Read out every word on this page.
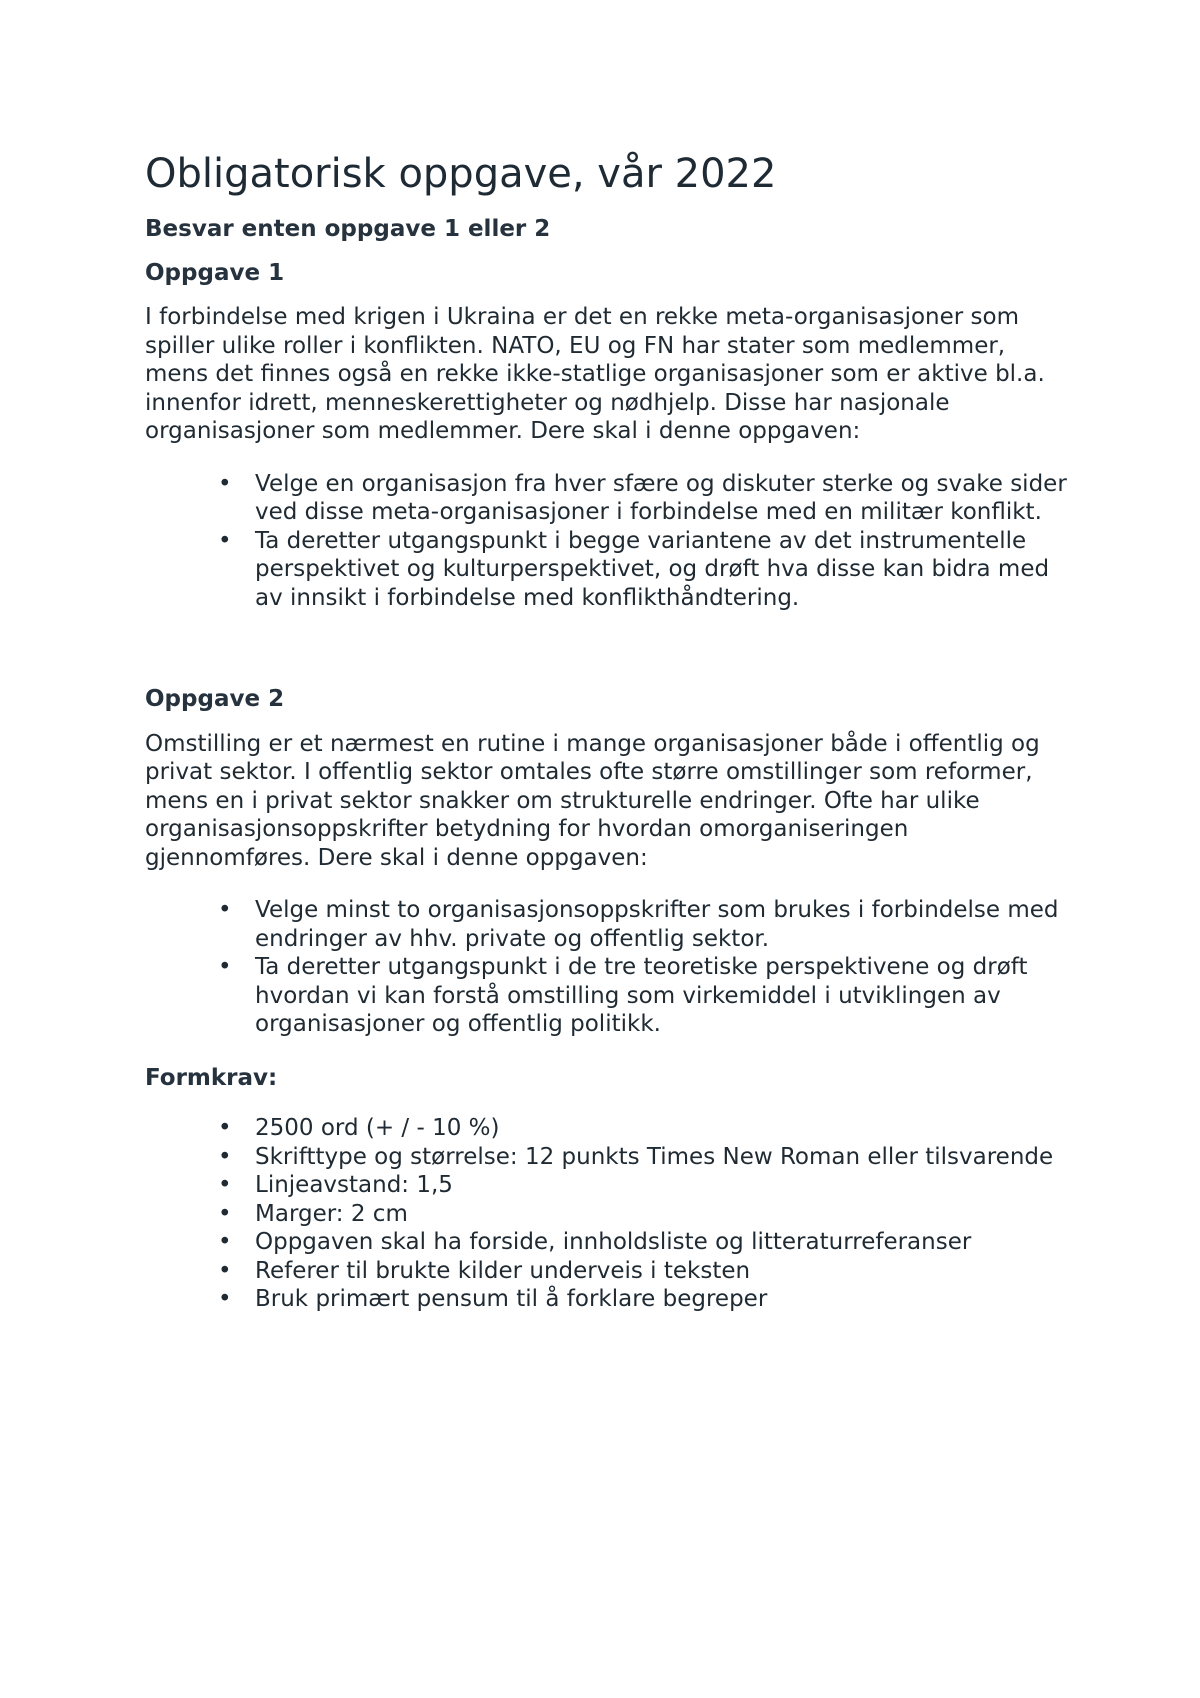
Obligatorisk oppgave, vår 2022

Besvar enten oppgave 1 eller 2

Oppgave 1

I forbindelse med krigen i Ukraina er det en rekke meta-organisasjoner som spiller ulike roller i konflikten. NATO, EU og FN har stater som medlemmer, mens det finnes også en rekke ikke-statlige organisasjoner som er aktive bl.a. innenfor idrett, menneskerettigheter og nødhjelp. Disse har nasjonale organisasjoner som medlemmer. Dere skal i denne oppgaven:

• Velge en organisasjon fra hver sfære og diskuter sterke og svake sider ved disse meta-organisasjoner i forbindelse med en militær konflikt.
• Ta deretter utgangspunkt i begge variantene av det instrumentelle perspektivet og kulturperspektivet, og drøft hva disse kan bidra med av innsikt i forbindelse med konflikthåndtering.

Oppgave 2

Omstilling er et nærmest en rutine i mange organisasjoner både i offentlig og privat sektor. I offentlig sektor omtales ofte større omstillinger som reformer, mens en i privat sektor snakker om strukturelle endringer. Ofte har ulike organisasjonsoppskrifter betydning for hvordan omorganiseringen gjennomføres. Dere skal i denne oppgaven:

• Velge minst to organisasjonsoppskrifter som brukes i forbindelse med endringer av hhv. private og offentlig sektor.
• Ta deretter utgangspunkt i de tre teoretiske perspektivene og drøft hvordan vi kan forstå omstilling som virkemiddel i utviklingen av organisasjoner og offentlig politikk.

Formkrav:

• 2500 ord (+ / - 10 %)
• Skrifttype og størrelse: 12 punkts Times New Roman eller tilsvarende
• Linjeavstand: 1,5
• Marger: 2 cm
• Oppgaven skal ha forside, innholdsliste og litteraturreferanser
• Referer til brukte kilder underveis i teksten
• Bruk primært pensum til å forklare begreper
